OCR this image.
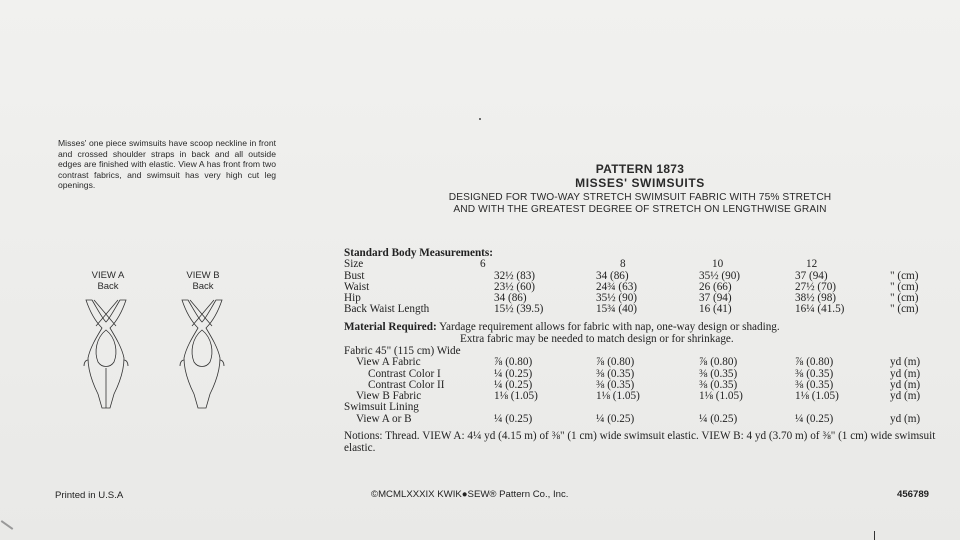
Misses' one piece swimsuits have scoop neckline in front and crossed shoulder straps in back and all outside edges are finished with elastic. View A has front from two contrast fabrics, and swimsuit has very high cut leg openings.
VIEW A
Back
VIEW B
Back
PATTERN 1873
MISSES' SWIMSUITS
DESIGNED FOR TWO-WAY STRETCH SWIMSUIT FABRIC WITH 75% STRETCH
AND WITH THE GREATEST DEGREE OF STRETCH ON LENGTHWISE GRAIN
Standard Body Measurements:
Size	6	8	10	12
Bust	32½ (83)	34 (86)	35½ (90)	37 (94)	" (cm)
Waist	23½ (60)	24¾ (63)	26 (66)	27½ (70)	" (cm)
Hip	34 (86)	35½ (90)	37 (94)	38½ (98)	" (cm)
Back Waist Length	15½ (39.5)	15¾ (40)	16 (41)	16¼ (41.5)	" (cm)
Material Required: Yardage requirement allows for fabric with nap, one-way design or shading.
Extra fabric may be needed to match design or for shrinkage.
Fabric 45" (115 cm) Wide
View A Fabric	⅞ (0.80)	⅞ (0.80)	⅞ (0.80)	⅞ (0.80)	yd (m)
Contrast Color I	¼ (0.25)	⅜ (0.35)	⅜ (0.35)	⅜ (0.35)	yd (m)
Contrast Color II	¼ (0.25)	⅜ (0.35)	⅜ (0.35)	⅜ (0.35)	yd (m)
View B Fabric	1⅛ (1.05)	1⅛ (1.05)	1⅛ (1.05)	1⅛ (1.05)	yd (m)
Swimsuit Lining
View A or B	¼ (0.25)	¼ (0.25)	¼ (0.25)	¼ (0.25)	yd (m)
Notions: Thread. VIEW A: 4¼ yd (4.15 m) of ⅜" (1 cm) wide swimsuit elastic. VIEW B: 4 yd (3.70 m) of ⅜" (1 cm) wide swimsuit elastic.
Printed in U.S.A	©MCMLXXXIX KWIK●SEW® Pattern Co., Inc.	456789
